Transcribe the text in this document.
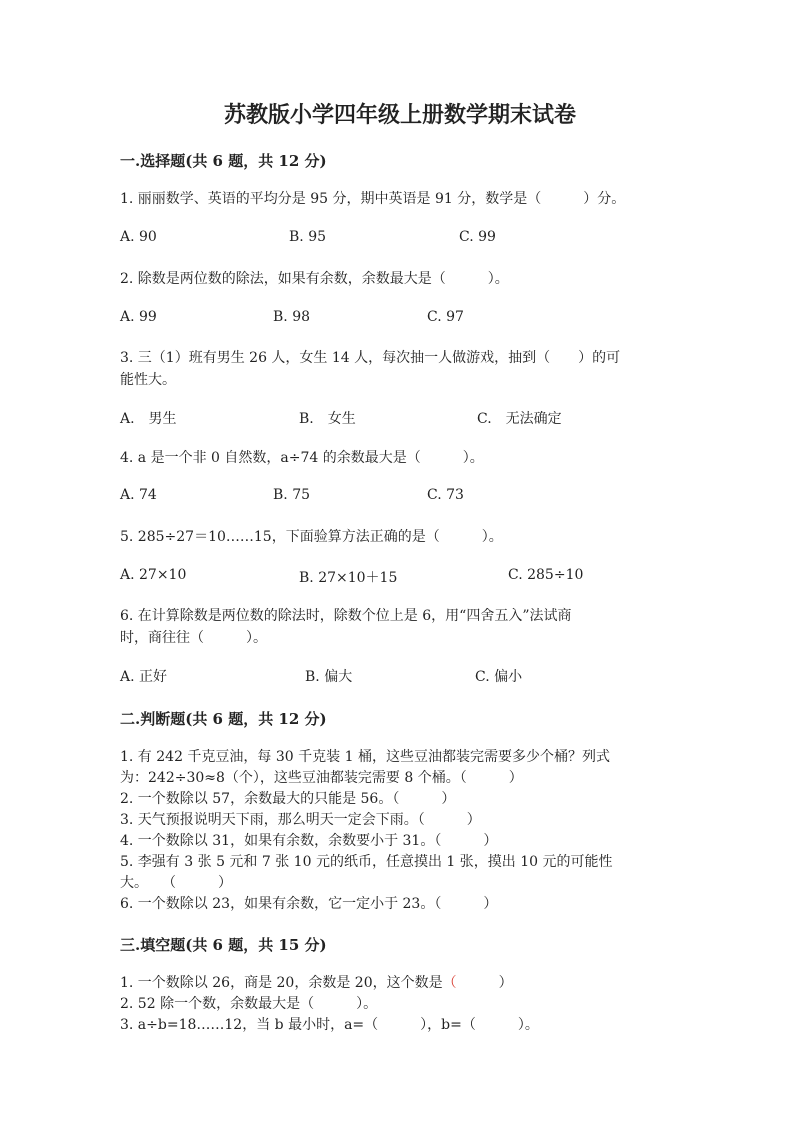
苏教版小学四年级上册数学期末试卷
一.选择题(共 6 题，共 12 分)
1. 丽丽数学、英语的平均分是 95 分，期中英语是 91 分，数学是（　　　）分。
A. 90	B. 95	C. 99
2. 除数是两位数的除法，如果有余数，余数最大是（　　　）。
A. 99	B. 98	C. 97
3. 三（1）班有男生 26 人，女生 14 人，每次抽一人做游戏，抽到（　　）的可
能性大。
A.　男生	B.　女生	C.　无法确定
4. a 是一个非 0 自然数，a÷74 的余数最大是（　　　）。
A. 74	B. 75	C. 73
5. 285÷27＝10……15，下面验算方法正确的是（　　　）。
A. 27×10	B. 27×10＋15	C. 285÷10
6. 在计算除数是两位数的除法时，除数个位上是 6，用“四舍五入”法试商
时，商往往（　　　）。
A. 正好	B. 偏大	C. 偏小
二.判断题(共 6 题，共 12 分)
1. 有 242 千克豆油，每 30 千克装 1 桶，这些豆油都装完需要多少个桶？列式
为：242÷30≈8（个），这些豆油都装完需要 8 个桶。（　　　）
2. 一个数除以 57，余数最大的只能是 56。（　　　）
3. 天气预报说明天下雨，那么明天一定会下雨。（　　　）
4. 一个数除以 31，如果有余数，余数要小于 31。（　　　）
5. 李强有 3 张 5 元和 7 张 10 元的纸币，任意摸出 1 张，摸出 10 元的可能性
大。　　（　　　）
6. 一个数除以 23，如果有余数，它一定小于 23。（　　　）
三.填空题(共 6 题，共 15 分)
1. 一个数除以 26，商是 20，余数是 20，这个数是（　　　）
2. 52 除一个数，余数最大是（　　　）。
3. a÷b=18……12，当 b 最小时，a=（　　　），b=（　　　）。
